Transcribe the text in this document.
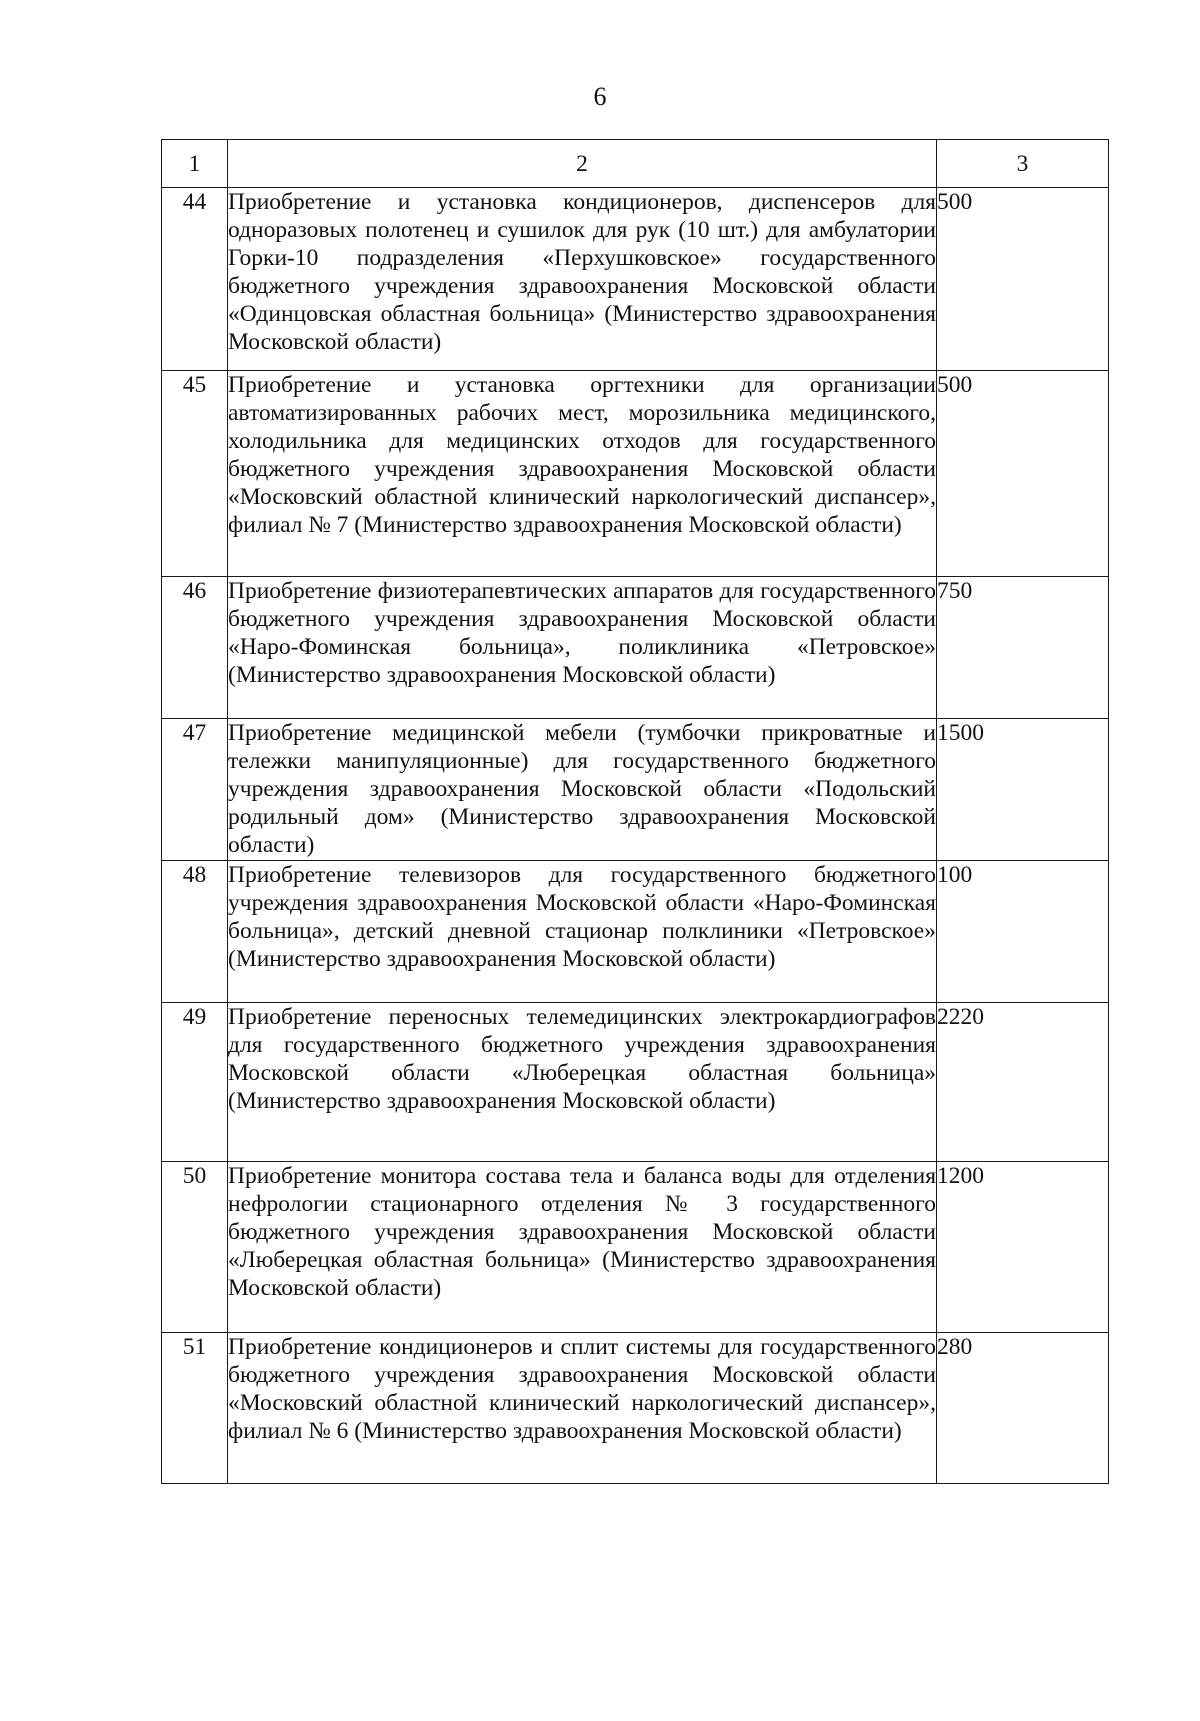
6
1	2	3
44	Приобретение и установка кондиционеров, диспенсеров для одноразовых полотенец и сушилок для рук (10 шт.) для амбулатории Горки-10 подразделения «Перхушковское» государственного бюджетного учреждения здравоохранения Московской области «Одинцовская областная больница» (Министерство здравоохранения Московской области)	500
45	Приобретение и установка оргтехники для организации автоматизированных рабочих мест, морозильника медицинского, холодильника для медицинских отходов для государственного бюджетного учреждения здравоохранения Московской области «Московский областной клинический наркологический диспансер», филиал № 7 (Министерство здравоохранения Московской области)	500
46	Приобретение физиотерапевтических аппаратов для государственного бюджетного учреждения здравоохранения Московской области «Наро-Фоминская больница», поликлиника «Петровское» (Министерство здравоохранения Московской области)	750
47	Приобретение медицинской мебели (тумбочки прикроватные и тележки манипуляционные) для государственного бюджетного учреждения здравоохранения Московской области «Подольский родильный дом» (Министерство здравоохранения Московской области)	1500
48	Приобретение телевизоров для государственного бюджетного учреждения здравоохранения Московской области «Наро-Фоминская больница», детский дневной стационар полклиники «Петровское» (Министерство здравоохранения Московской области)	100
49	Приобретение переносных телемедицинских электрокардиографов для государственного бюджетного учреждения здравоохранения Московской области «Люберецкая областная больница» (Министерство здравоохранения Московской области)	2220
50	Приобретение монитора состава тела и баланса воды для отделения нефрологии стационарного отделения № 3 государственного бюджетного учреждения здравоохранения Московской области «Люберецкая областная больница» (Министерство здравоохранения Московской области)	1200
51	Приобретение кондиционеров и сплит системы для государственного бюджетного учреждения здравоохранения Московской области «Московский областной клинический наркологический диспансер», филиал № 6 (Министерство здравоохранения Московской области)	280
